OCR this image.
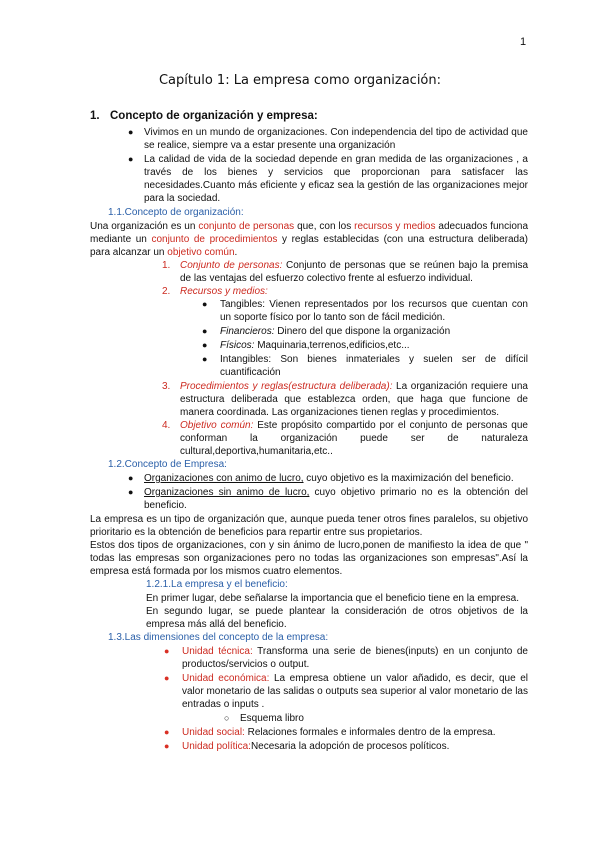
1
Capítulo 1: La empresa como organización:
1. Concepto de organización y empresa:
● Vivimos en un mundo de organizaciones. Con independencia del tipo de actividad que se realice, siempre va a estar presente una organización
● La calidad de vida de la sociedad depende en gran medida de las organizaciones , a través de los bienes y servicios que proporcionan para satisfacer las necesidades.Cuanto más eficiente y eficaz sea la gestión de las organizaciones mejor para la sociedad.
1.1.Concepto de organización:
Una organización es un conjunto de personas que, con los recursos y medios adecuados funciona mediante un conjunto de procedimientos y reglas establecidas (con una estructura deliberada) para alcanzar un objetivo común.
1. Conjunto de personas: Conjunto de personas que se reúnen bajo la premisa de las ventajas del esfuerzo colectivo frente al esfuerzo individual.
2. Recursos y medios:
● Tangibles: Vienen representados por los recursos que cuentan con un soporte físico por lo tanto son de fácil medición.
● Financieros: Dinero del que dispone la organización
● Físicos: Maquinaria,terrenos,edificios,etc...
● Intangibles: Son bienes inmateriales y suelen ser de difícil cuantificación
3. Procedimientos y reglas(estructura deliberada): La organización requiere una estructura deliberada que establezca orden, que haga que funcione de manera coordinada. Las organizaciones tienen reglas y procedimientos.
4. Objetivo común: Este propósito compartido por el conjunto de personas que conforman la organización puede ser de naturaleza cultural,deportiva,humanitaria,etc..
1.2.Concepto de Empresa:
● Organizaciones con animo de lucro, cuyo objetivo es la maximización del beneficio.
● Organizaciones sin animo de lucro, cuyo objetivo primario no es la obtención del beneficio.
La empresa es un tipo de organización que, aunque pueda tener otros fines paralelos, su objetivo prioritario es la obtención de beneficios para repartir entre sus propietarios.
Estos dos tipos de organizaciones, con y sin ánimo de lucro,ponen de manifiesto la idea de que " todas las empresas son organizaciones pero no todas las organizaciones son empresas".Así la empresa está formada por los mismos cuatro elementos.
1.2.1.La empresa y el beneficio:
En primer lugar, debe señalarse la importancia que el beneficio tiene en la empresa.
En segundo lugar, se puede plantear la consideración de otros objetivos de la empresa más allá del beneficio.
1.3.Las dimensiones del concepto de la empresa:
● Unidad técnica: Transforma una serie de bienes(inputs) en un conjunto de productos/servicios o output.
● Unidad económica: La empresa obtiene un valor añadido, es decir, que el valor monetario de las salidas o outputs sea superior al valor monetario de las entradas o inputs .
○ Esquema libro
● Unidad social: Relaciones formales e informales dentro de la empresa.
● Unidad política:Necesaria la adopción de procesos políticos.
